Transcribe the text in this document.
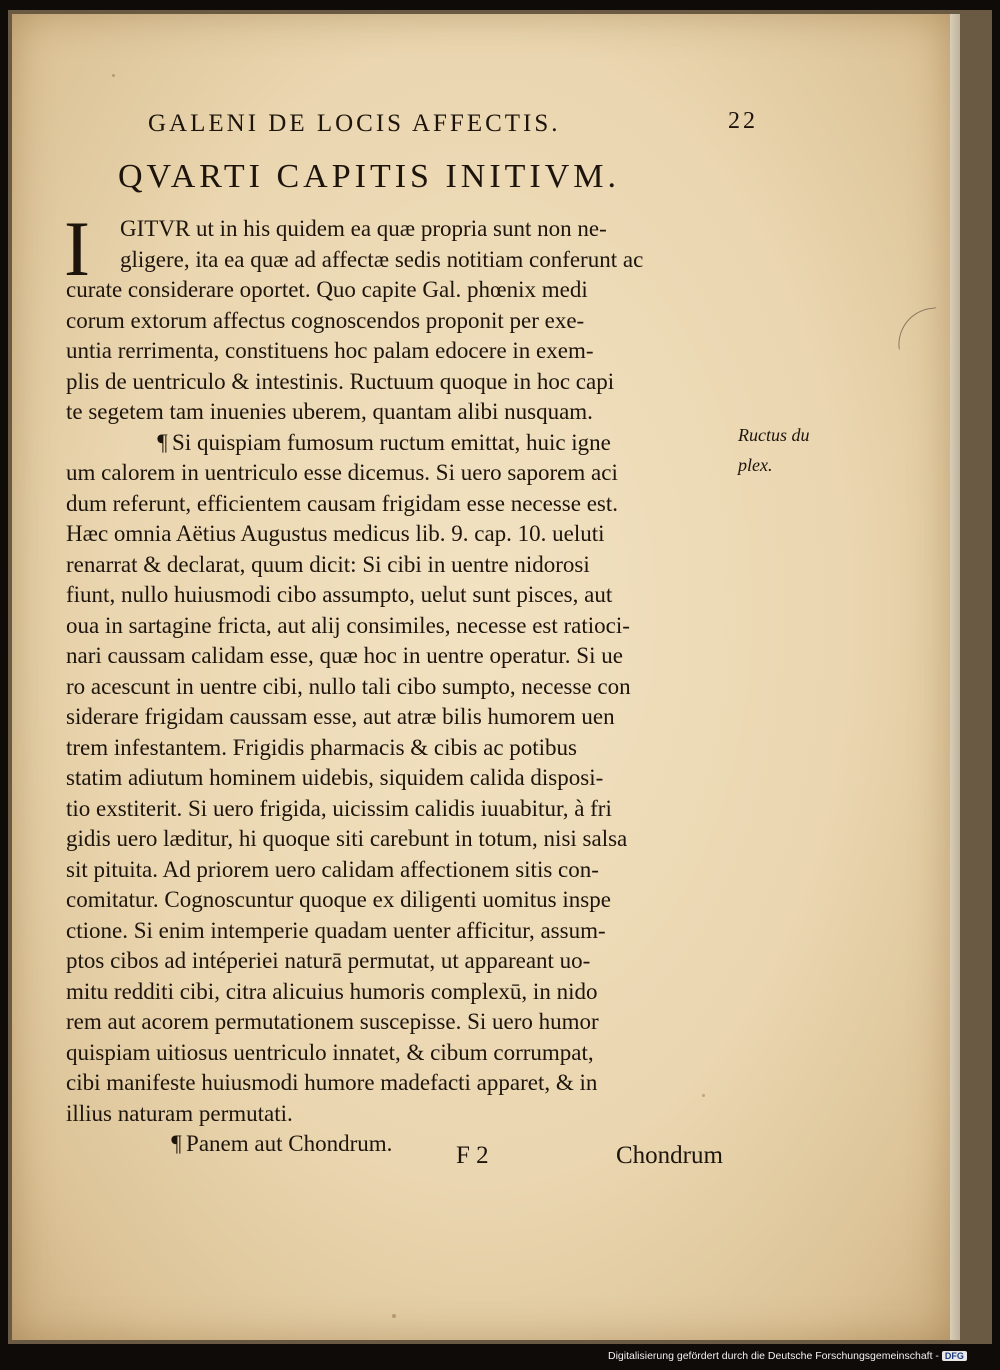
GALENI DE LOCIS AFFECTIS.	22
QVARTI CAPITIS INITIVM.
I	GITVR ut in his quidem ea quæ propria sunt non ne-
gligere, ita ea quæ ad affectæ sedis notitiam conferunt ac
curate considerare oportet. Quo capite Gal. phœnix medi
corum extorum affectus cognoscendos proponit per exe-
untia rerrimenta, constituens hoc palam edocere in exem-
plis de uentriculo & intestinis. Ructuum quoque in hoc capi
te segetem tam inuenies uberem, quantam alibi nusquam.
¶ Si quispiam fumosum ructum emittat, huic igne
um calorem in uentriculo esse dicemus. Si uero saporem aci
dum referunt, efficientem causam frigidam esse necesse est.
Hæc omnia Aëtius Augustus medicus lib. 9. cap. 10. ueluti
renarrat & declarat, quum dicit: Si cibi in uentre nidorosi
fiunt, nullo huiusmodi cibo assumpto, uelut sunt pisces, aut
oua in sartagine fricta, aut alij consimiles, necesse est ratioci-
nari caussam calidam esse, quæ hoc in uentre operatur. Si ue
ro acescunt in uentre cibi, nullo tali cibo sumpto, necesse con
siderare frigidam caussam esse, aut atræ bilis humorem uen
trem infestantem. Frigidis pharmacis & cibis ac potibus
statim adiutum hominem uidebis, siquidem calida disposi-
tio exstiterit. Si uero frigida, uicissim calidis iuuabitur, à fri
gidis uero læditur, hi quoque siti carebunt in totum, nisi salsa
sit pituita. Ad priorem uero calidam affectionem sitis con-
comitatur. Cognoscuntur quoque ex diligenti uomitus inspe
ctione. Si enim intemperie quadam uenter afficitur, assum-
ptos cibos ad intéperiei naturā permutat, ut appareant uo-
mitu redditi cibi, citra alicuius humoris complexū, in nido
rem aut acorem permutationem suscepisse. Si uero humor
quispiam uitiosus uentriculo innatet, & cibum corrumpat,
cibi manifeste huiusmodi humore madefacti apparet, & in
illius naturam permutati.
¶ Panem aut Chondrum.
Ructus du
plex.
F 2	Chondrum
Digitalisierung gefördert durch die Deutsche Forschungsgemeinschaft - DFG
